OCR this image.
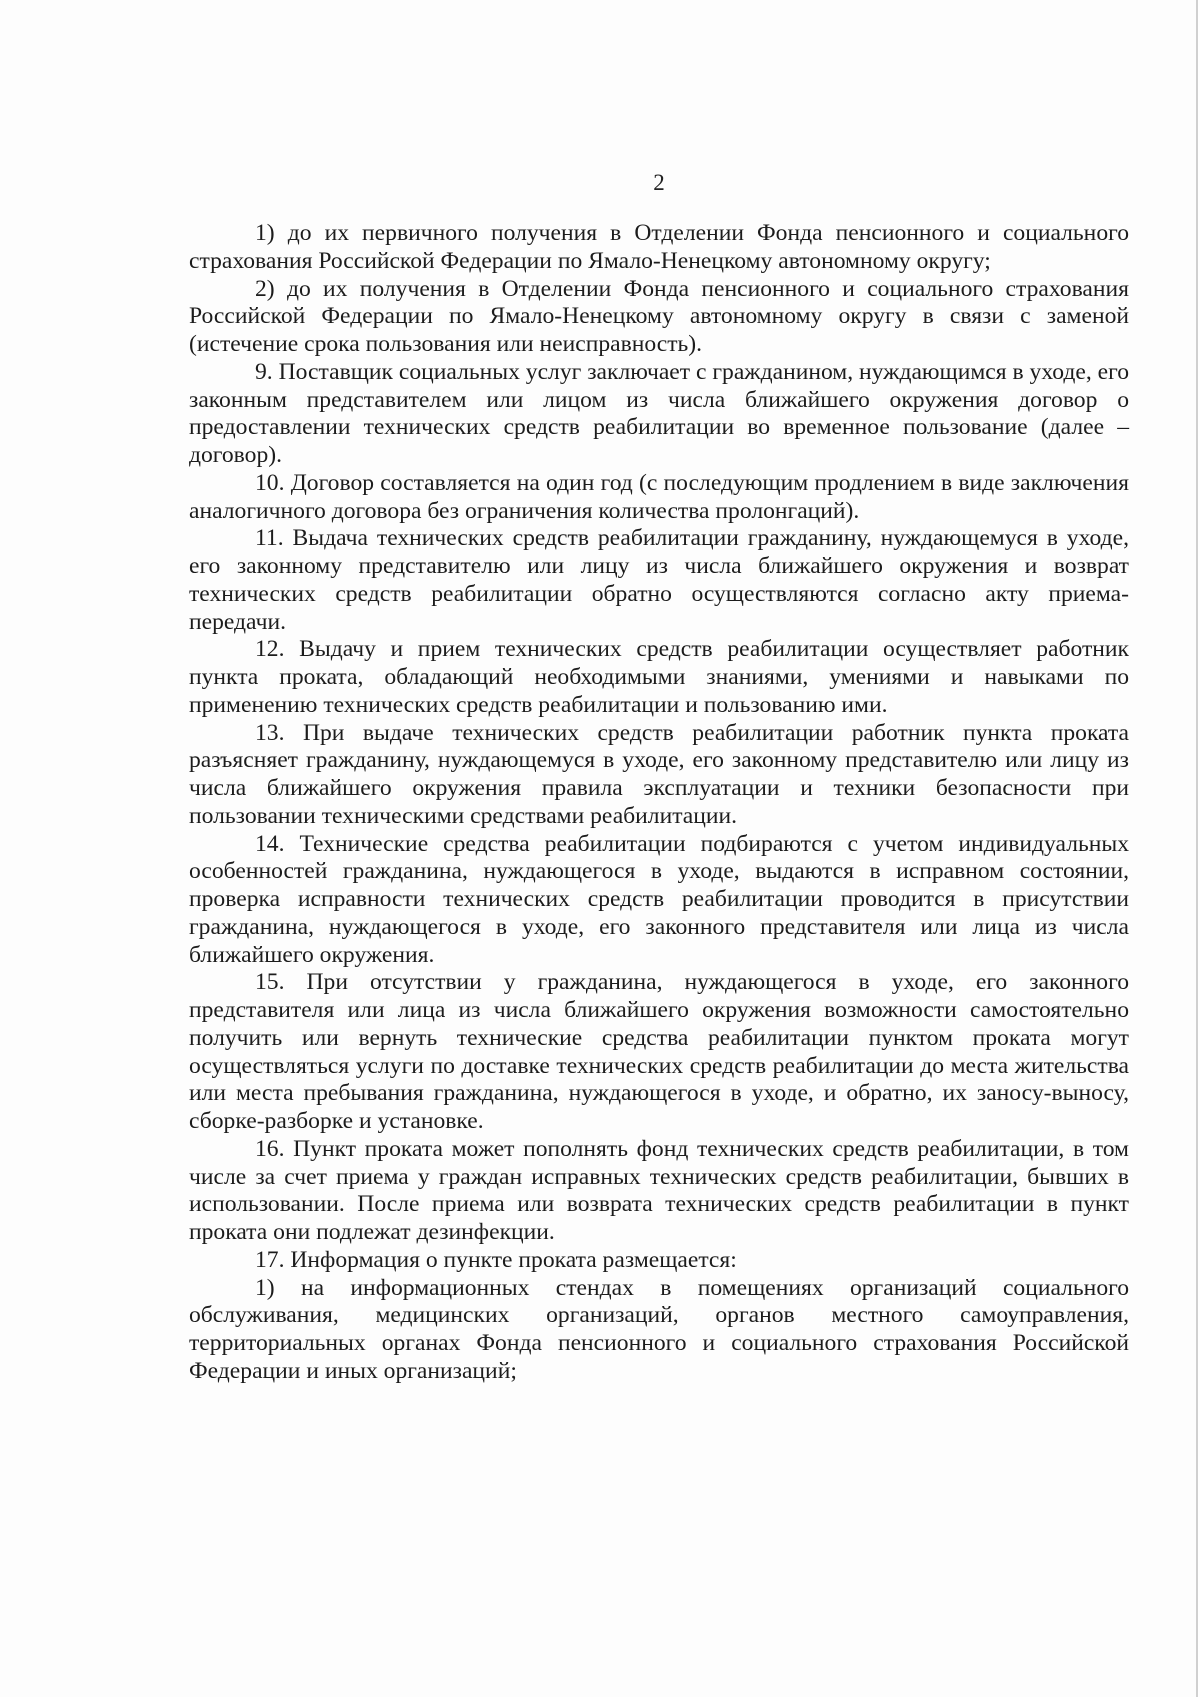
2

1) до их первичного получения в Отделении Фонда пенсионного и социального страхования Российской Федерации по Ямало-Ненецкому автономному округу;

2) до их получения в Отделении Фонда пенсионного и социального страхования Российской Федерации по Ямало-Ненецкому автономному округу в связи с заменой (истечение срока пользования или неисправность).

9. Поставщик социальных услуг заключает с гражданином, нуждающимся в уходе, его законным представителем или лицом из числа ближайшего окружения договор о предоставлении технических средств реабилитации во временное пользование (далее – договор).

10. Договор составляется на один год (с последующим продлением в виде заключения аналогичного договора без ограничения количества пролонгаций).

11. Выдача технических средств реабилитации гражданину, нуждающемуся в уходе, его законному представителю или лицу из числа ближайшего окружения и возврат технических средств реабилитации обратно осуществляются согласно акту приема-передачи.

12. Выдачу и прием технических средств реабилитации осуществляет работник пункта проката, обладающий необходимыми знаниями, умениями и навыками по применению технических средств реабилитации и пользованию ими.

13. При выдаче технических средств реабилитации работник пункта проката разъясняет гражданину, нуждающемуся в уходе, его законному представителю или лицу из числа ближайшего окружения правила эксплуатации и техники безопасности при пользовании техническими средствами реабилитации.

14. Технические средства реабилитации подбираются с учетом индивидуальных особенностей гражданина, нуждающегося в уходе, выдаются в исправном состоянии, проверка исправности технических средств реабилитации проводится в присутствии гражданина, нуждающегося в уходе, его законного представителя или лица из числа ближайшего окружения.

15. При отсутствии у гражданина, нуждающегося в уходе, его законного представителя или лица из числа ближайшего окружения возможности самостоятельно получить или вернуть технические средства реабилитации пунктом проката могут осуществляться услуги по доставке технических средств реабилитации до места жительства или места пребывания гражданина, нуждающегося в уходе, и обратно, их заносу-выносу, сборке-разборке и установке.

16. Пункт проката может пополнять фонд технических средств реабилитации, в том числе за счет приема у граждан исправных технических средств реабилитации, бывших в использовании. После приема или возврата технических средств реабилитации в пункт проката они подлежат дезинфекции.

17. Информация о пункте проката размещается:

1) на информационных стендах в помещениях организаций социального обслуживания, медицинских организаций, органов местного самоуправления, территориальных органах Фонда пенсионного и социального страхования Российской Федерации и иных организаций;
